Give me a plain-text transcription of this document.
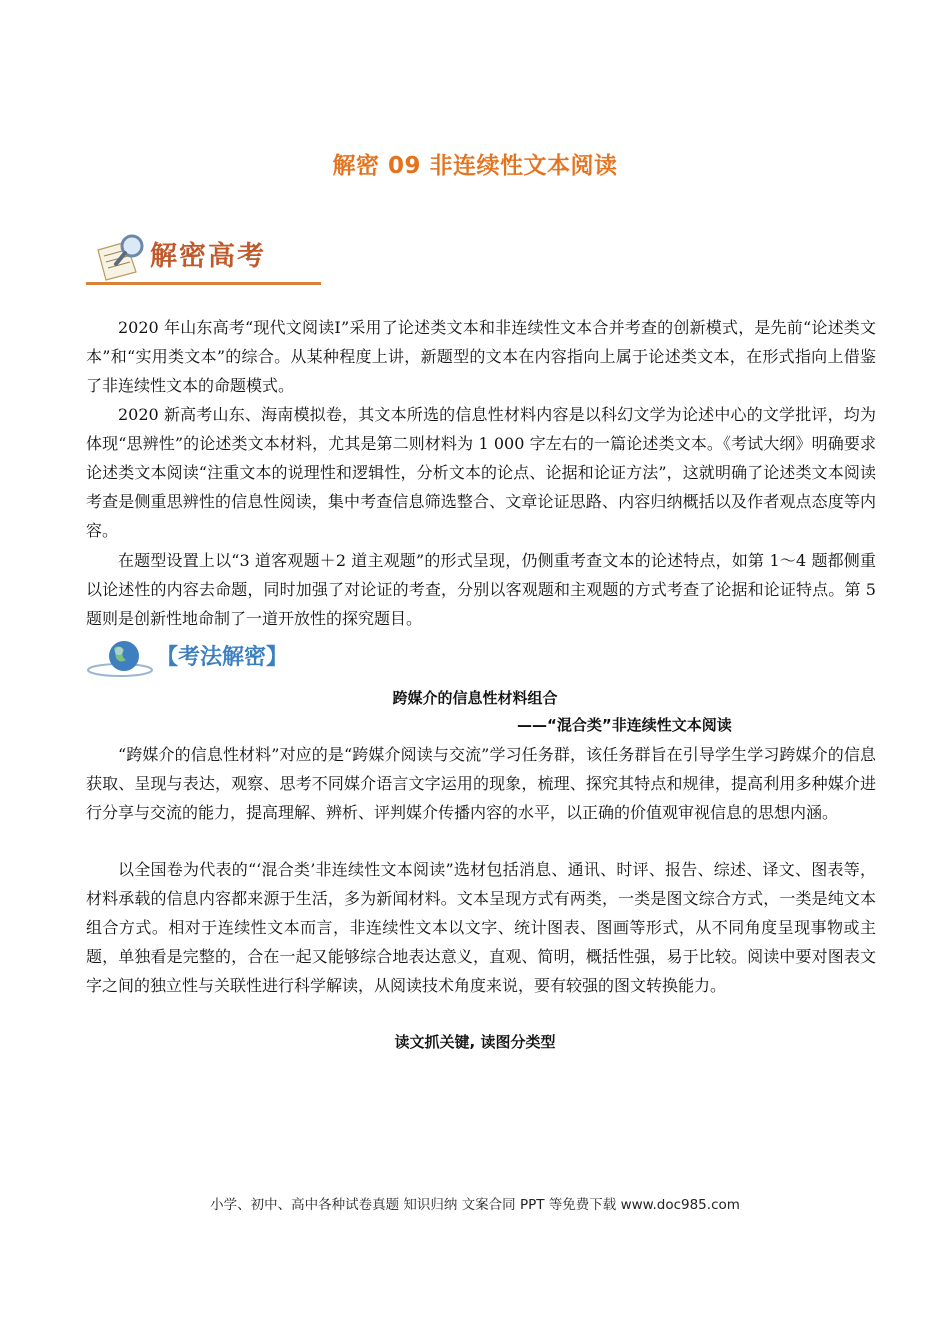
解密 09 非连续性文本阅读
解密高考

2020 年山东高考“现代文阅读Ⅰ”采用了论述类文本和非连续性文本合并考查的创新模式，是先前“论述类文本”和“实用类文本”的综合。从某种程度上讲，新题型的文本在内容指向上属于论述类文本，在形式指向上借鉴了非连续性文本的命题模式。

2020 新高考山东、海南模拟卷，其文本所选的信息性材料内容是以科幻文学为论述中心的文学批评，均为体现“思辨性”的论述类文本材料，尤其是第二则材料为 1 000 字左右的一篇论述类文本。《考试大纲》明确要求论述类文本阅读“注重文本的说理性和逻辑性，分析文本的论点、论据和论证方法”，这就明确了论述类文本阅读考查是侧重思辨性的信息性阅读，集中考查信息筛选整合、文章论证思路、内容归纳概括以及作者观点态度等内容。

在题型设置上以“3 道客观题＋2 道主观题”的形式呈现，仍侧重考查文本的论述特点，如第 1～4 题都侧重以论述性的内容去命题，同时加强了对论证的考查，分别以客观题和主观题的方式考查了论据和论证特点。第 5 题则是创新性地命制了一道开放性的探究题目。

【考法解密】
跨媒介的信息性材料组合
——“混合类”非连续性文本阅读

“跨媒介的信息性材料”对应的是“跨媒介阅读与交流”学习任务群，该任务群旨在引导学生学习跨媒介的信息获取、呈现与表达，观察、思考不同媒介语言文字运用的现象，梳理、探究其特点和规律，提高利用多种媒介进行分享与交流的能力，提高理解、辨析、评判媒介传播内容的水平，以正确的价值观审视信息的思想内涵。

以全国卷为代表的“‘混合类’非连续性文本阅读”选材包括消息、通讯、时评、报告、综述、译文、图表等，材料承载的信息内容都来源于生活，多为新闻材料。文本呈现方式有两类，一类是图文综合方式，一类是纯文本组合方式。相对于连续性文本而言，非连续性文本以文字、统计图表、图画等形式，从不同角度呈现事物或主题，单独看是完整的，合在一起又能够综合地表达意义，直观、简明，概括性强，易于比较。阅读中要对图表文字之间的独立性与关联性进行科学解读，从阅读技术角度来说，要有较强的图文转换能力。

读文抓关键, 读图分类型
小学、初中、高中各种试卷真题 知识归纳 文案合同 PPT 等免费下载 www.doc985.com
